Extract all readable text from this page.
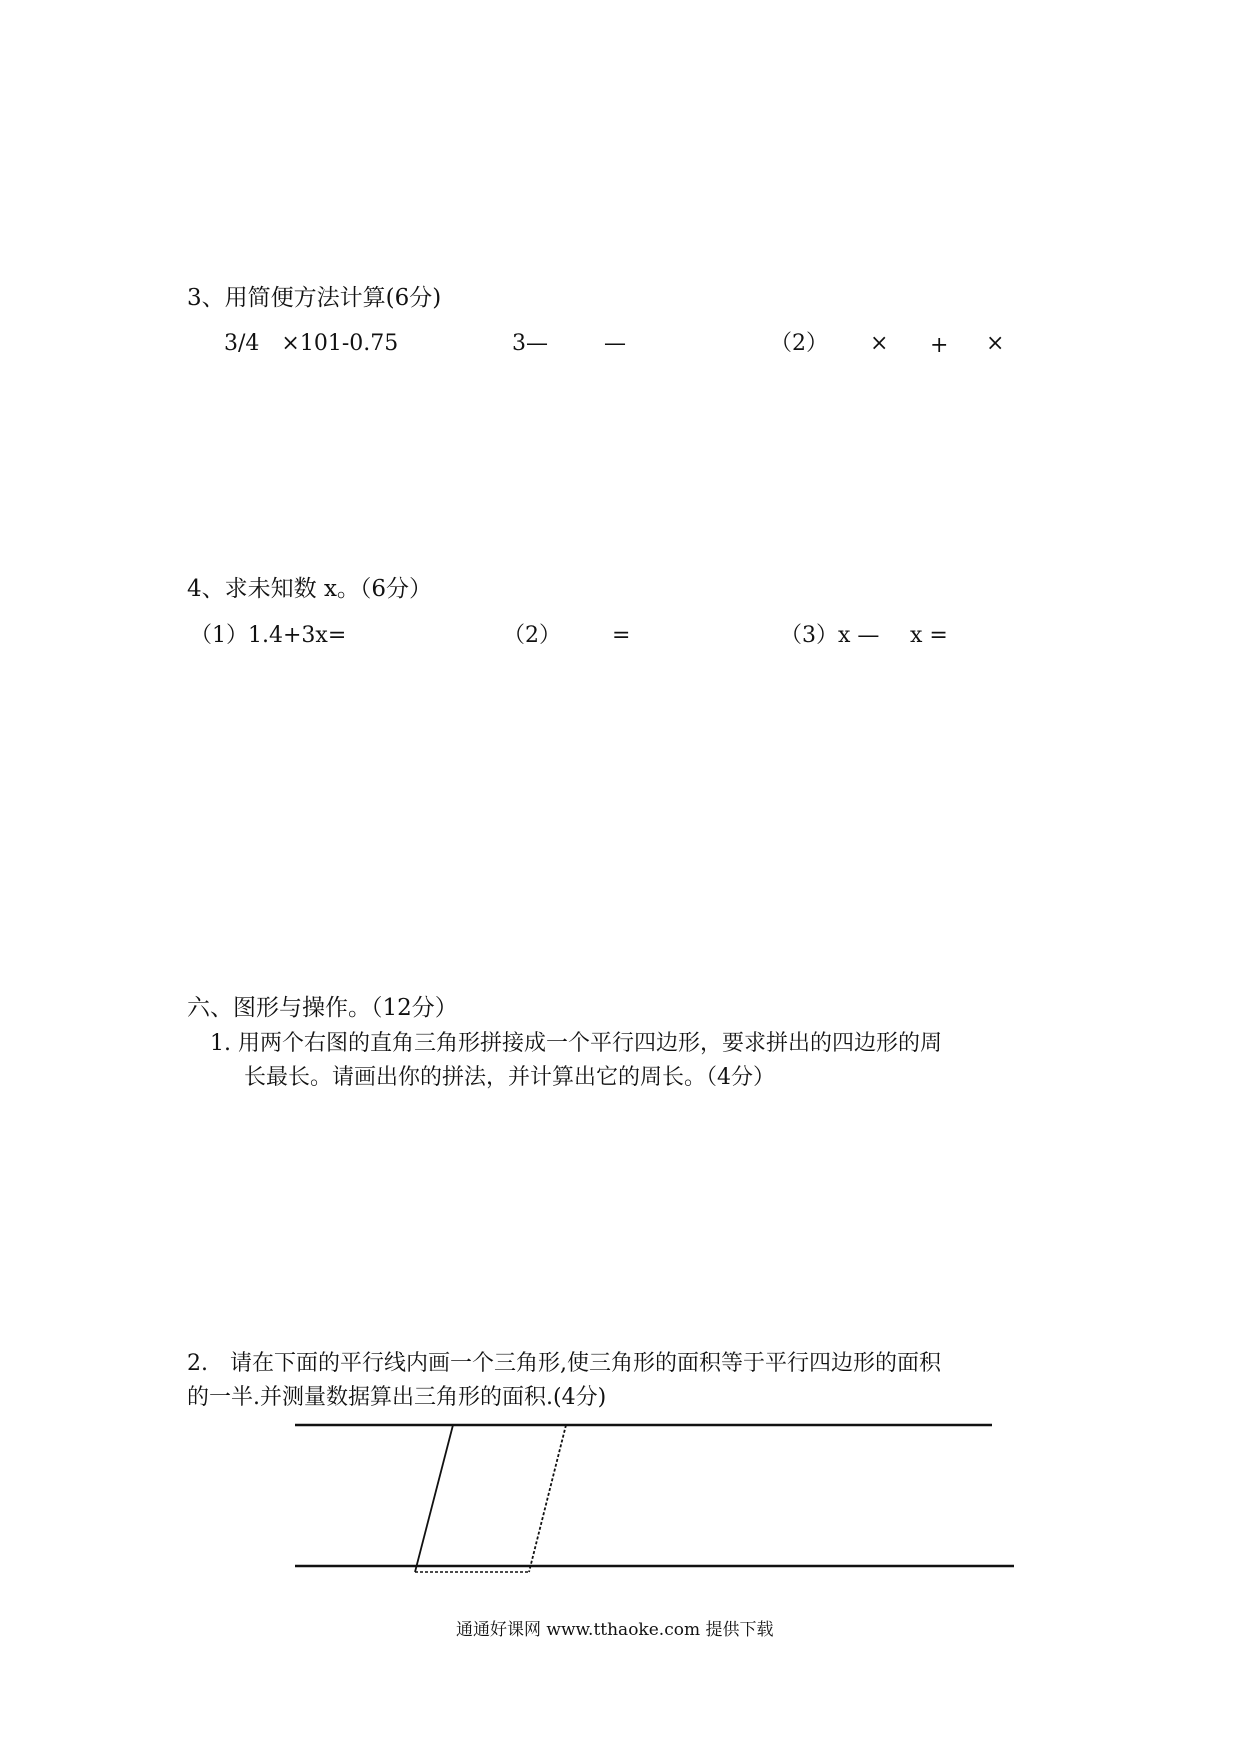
3、用简便方法计算(6分)
3/4　×101-0.75	3—	—	（2） × + ×
4、求未知数 x。（6分）
（1）1.4+3x=	（2） =	（3）x — x =
六、图形与操作。（12分）
1. 用两个右图的直角三角形拼接成一个平行四边形，要求拼出的四边形的周
长最长。请画出你的拼法，并计算出它的周长。（4分）
2.　请在下面的平行线内画一个三角形,使三角形的面积等于平行四边形的面积
的一半.并测量数据算出三角形的面积.(4分)
通通好课网 www.tthaoke.com 提供下载
